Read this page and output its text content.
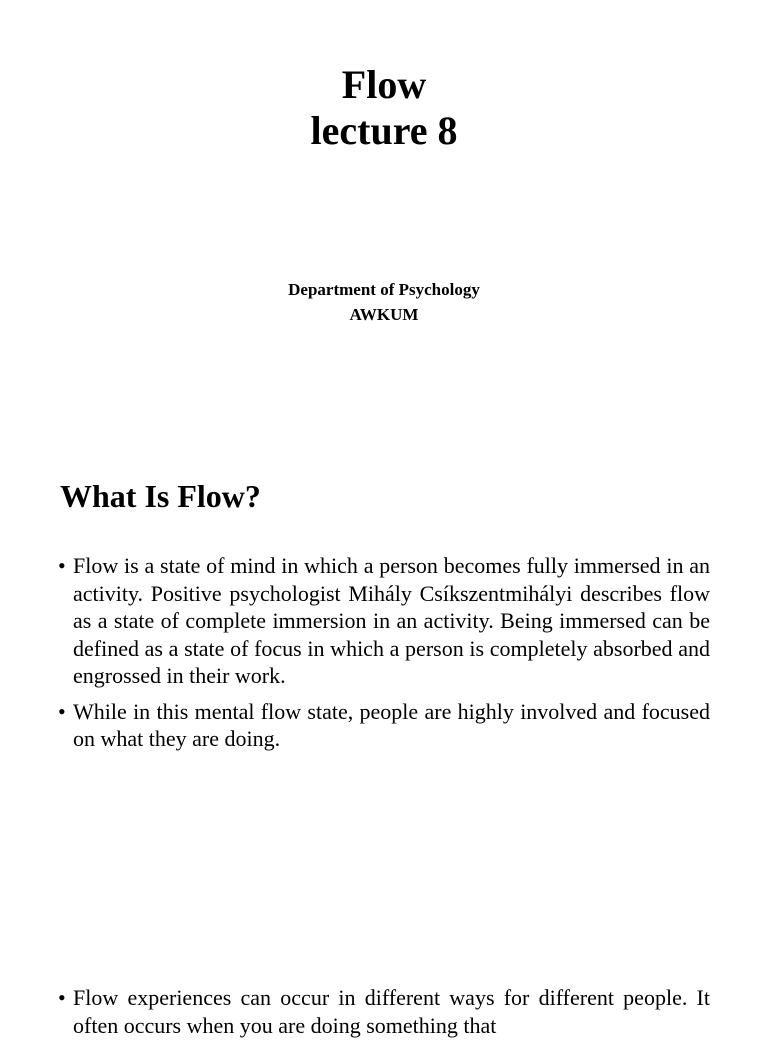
Flow
lecture 8
Department of Psychology
AWKUM
What Is Flow?
• Flow is a state of mind in which a person becomes fully immersed in an activity. Positive psychologist Mihály Csíkszentmihályi describes flow as a state of complete immersion in an activity. Being immersed can be defined as a state of focus in which a person is completely absorbed and engrossed in their work.
• While in this mental flow state, people are highly involved and focused on what they are doing.
• Flow experiences can occur in different ways for different people. It often occurs when you are doing something that
